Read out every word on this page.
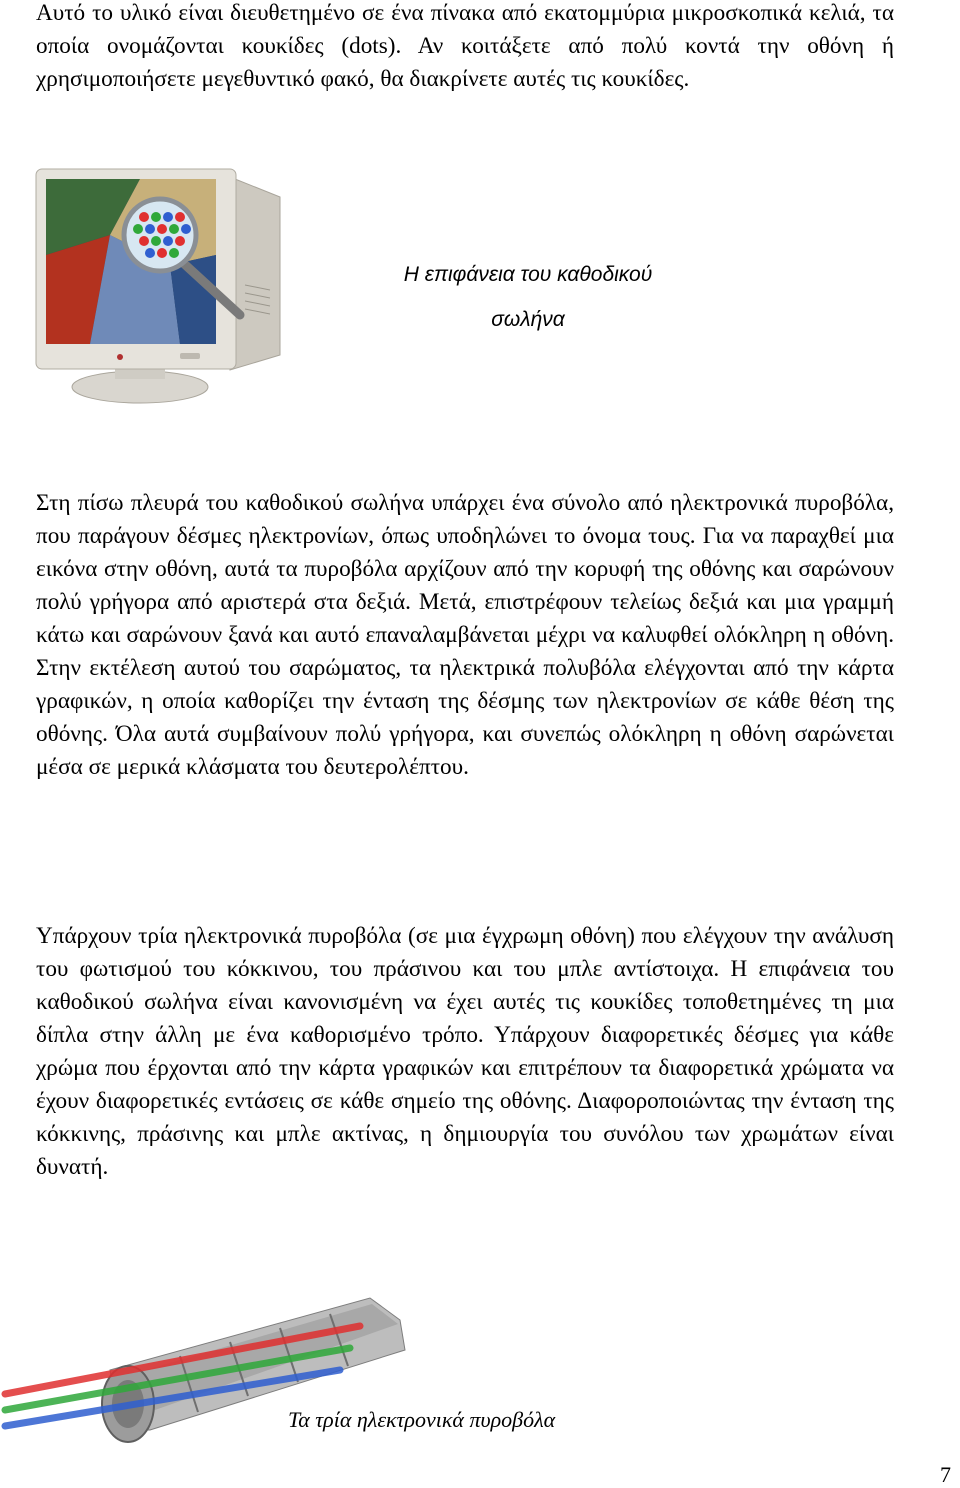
Αυτό το υλικό είναι διευθετημένο σε ένα πίνακα από εκατομμύρια μικροσκοπικά κελιά, τα οποία ονομάζονται κουκίδες (dots). Αν κοιτάξετε από πολύ κοντά την οθόνη ή χρησιμοποιήσετε μεγεθυντικό φακό, θα διακρίνετε αυτές τις κουκίδες.

Η επιφάνεια του καθοδικού
σωλήνα

Στη πίσω πλευρά του καθοδικού σωλήνα υπάρχει ένα σύνολο από ηλεκτρονικά πυροβόλα, που παράγουν δέσμες ηλεκτρονίων, όπως υποδηλώνει το όνομα τους. Για να παραχθεί μια εικόνα στην οθόνη, αυτά τα πυροβόλα αρχίζουν από την κορυφή της οθόνης και σαρώνουν πολύ γρήγορα από αριστερά στα δεξιά. Μετά, επιστρέφουν τελείως δεξιά και μια γραμμή κάτω και σαρώνουν ξανά και αυτό επαναλαμβάνεται μέχρι να καλυφθεί ολόκληρη η οθόνη. Στην εκτέλεση αυτού του σαρώματος, τα ηλεκτρικά πολυβόλα ελέγχονται από την κάρτα γραφικών, η οποία καθορίζει την ένταση της δέσμης των ηλεκτρονίων σε κάθε θέση της οθόνης. Όλα αυτά συμβαίνουν πολύ γρήγορα, και συνεπώς ολόκληρη η οθόνη σαρώνεται μέσα σε μερικά κλάσματα του δευτερολέπτου.

Υπάρχουν τρία ηλεκτρονικά πυροβόλα (σε μια έγχρωμη οθόνη) που ελέγχουν την ανάλυση του φωτισμού του κόκκινου, του πράσινου και του μπλε αντίστοιχα. Η επιφάνεια του καθοδικού σωλήνα είναι κανονισμένη να έχει αυτές τις κουκίδες τοποθετημένες τη μια δίπλα στην άλλη με ένα καθορισμένο τρόπο. Υπάρχουν διαφορετικές δέσμες για κάθε χρώμα που έρχονται από την κάρτα γραφικών και επιτρέπουν τα διαφορετικά χρώματα να έχουν διαφορετικές εντάσεις σε κάθε σημείο της οθόνης. Διαφοροποιώντας την ένταση της κόκκινης, πράσινης και μπλε ακτίνας, η δημιουργία του συνόλου των χρωμάτων είναι δυνατή.

Τα τρία ηλεκτρονικά πυροβόλα
7
